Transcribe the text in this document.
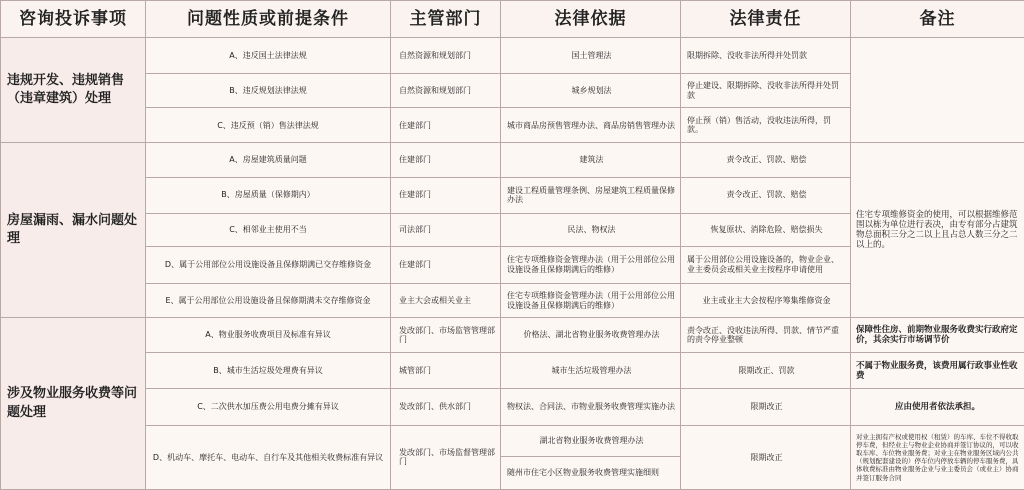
咨询投诉事项	问题性质或前提条件	主管部门	法律依据	法律责任	备注
违规开发、违规销售（违章建筑）处理	A、违反国土法律法规	自然资源和规划部门	国土管理法	限期拆除、没收非法所得并处罚款	
	B、违反规划法律法规	自然资源和规划部门	城乡规划法	停止建设、限期拆除、没收非法所得并处罚款	
	C、违反预（销）售法律法规	住建部门	城市商品房预售管理办法、商品房销售管理办法	停止预（销）售活动，没收违法所得，罚款。	
房屋漏雨、漏水问题处理	A、房屋建筑质量问题	住建部门	建筑法	责令改正、罚款、赔偿	住宅专项维修资金的使用，可以根据维修范围以栋为单位进行表决，由专有部分占建筑物总面积三分之二以上且占总人数三分之二以上的。
	B、房屋质量（保修期内）	住建部门	建设工程质量管理条例、房屋建筑工程质量保修办法	责令改正、罚款、赔偿	
	C、相邻业主使用不当	司法部门	民法、物权法	恢复原状、消除危险、赔偿损失	
	D、属于公用部位公用设施设备且保修期满已交存维修资金	住建部门	住宅专项维修资金管理办法（用于公用部位公用设施设备且保修期满后的维修）	属于公用部位公用设施设备的，物业企业、业主委员会或相关业主按程序申请使用	
	E、属于公用部位公用设施设备且保修期满未交存维修资金	业主大会或相关业主	住宅专项维修资金管理办法（用于公用部位公用设施设备且保修期满后的维修）	业主或业主大会按程序筹集维修资金	
涉及物业服务收费等问题处理	A、物业服务收费项目及标准有异议	发改部门、市场监管管理部门	价格法、湖北省物业服务收费管理办法	责令改正、没收违法所得、罚款、情节严重的责令停业整顿	保障性住房、前期物业服务收费实行政府定价，其余实行市场调节价
	B、城市生活垃圾处理费有异议	城管部门	城市生活垃圾管理办法	限期改正、罚款	不属于物业服务费，该费用属行政事业性收费
	C、二次供水加压费公用电费分摊有异议	发改部门、供水部门	物权法、合同法、市物业服务收费管理实施办法	限期改正	应由使用者依法承担。
	D、机动车、摩托车、电动车、自行车及其他相关收费标准有异议	发改部门、市场监督管理部门	湖北省物业服务收费管理办法	限期改正	对业主拥有产权或使用权（租赁）的车库、车位不得收取停车费，但经业主与物业企业协商并签订协议的，可以收取车库、车位物业服务费；对业主在物业服务区域内公共（规划配套建设的）停车位内停放车辆的停车服务费，具体收费标准由物业服务企业与业主委员会（或业主）协商并签订服务合同
			随州市住宅小区物业服务收费管理实施细则		
